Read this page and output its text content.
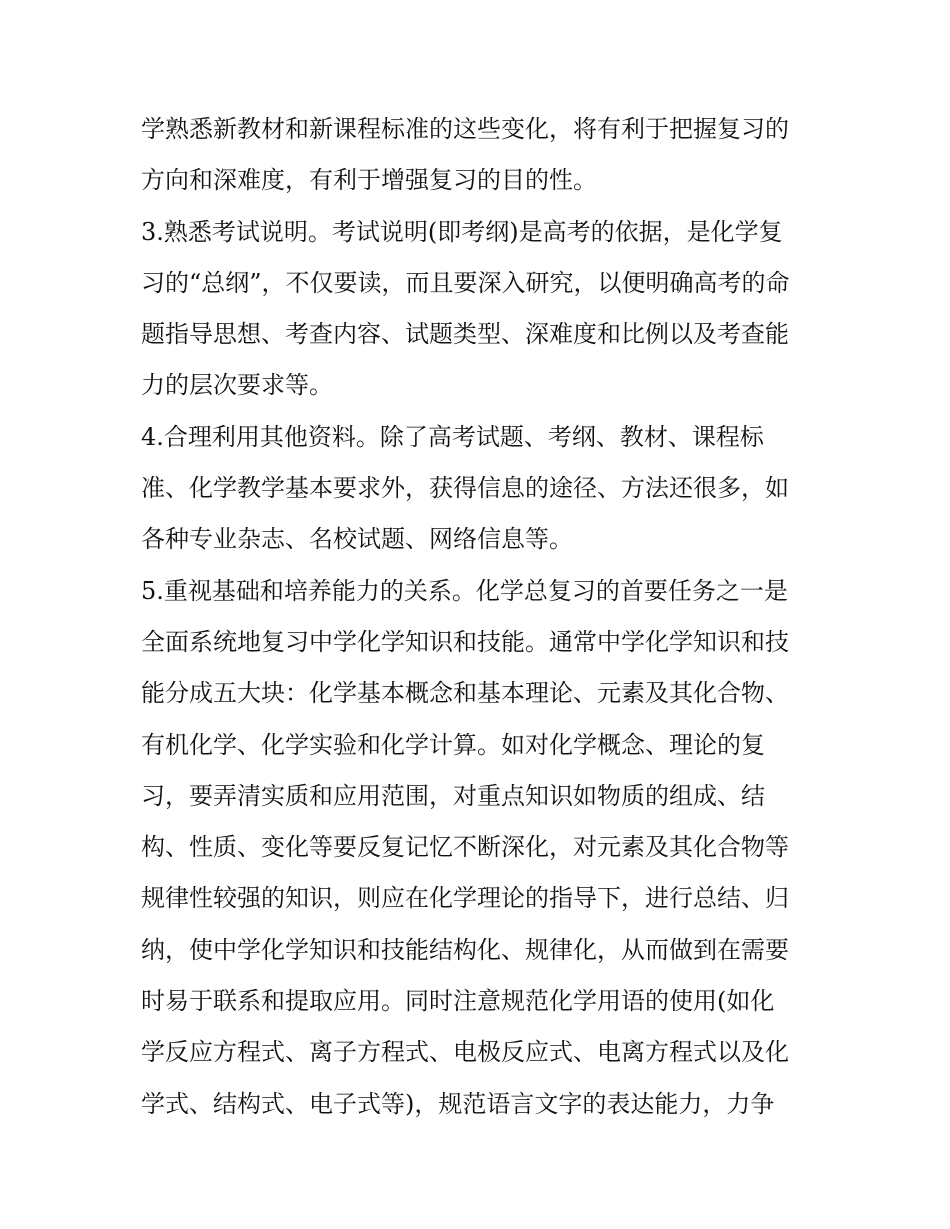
学熟悉新教材和新课程标准的这些变化，将有利于把握复习的
方向和深难度，有利于增强复习的目的性。
3.熟悉考试说明。考试说明(即考纲)是高考的依据，是化学复
习的“总纲”，不仅要读，而且要深入研究，以便明确高考的命
题指导思想、考查内容、试题类型、深难度和比例以及考查能
力的层次要求等。
4.合理利用其他资料。除了高考试题、考纲、教材、课程标
准、化学教学基本要求外，获得信息的途径、方法还很多，如
各种专业杂志、名校试题、网络信息等。
5.重视基础和培养能力的关系。化学总复习的首要任务之一是
全面系统地复习中学化学知识和技能。通常中学化学知识和技
能分成五大块：化学基本概念和基本理论、元素及其化合物、
有机化学、化学实验和化学计算。如对化学概念、理论的复
习，要弄清实质和应用范围，对重点知识如物质的组成、结
构、性质、变化等要反复记忆不断深化，对元素及其化合物等
规律性较强的知识，则应在化学理论的指导下，进行总结、归
纳，使中学化学知识和技能结构化、规律化，从而做到在需要
时易于联系和提取应用。同时注意规范化学用语的使用(如化
学反应方程式、离子方程式、电极反应式、电离方程式以及化
学式、结构式、电子式等)，规范语言文字的表达能力，力争
